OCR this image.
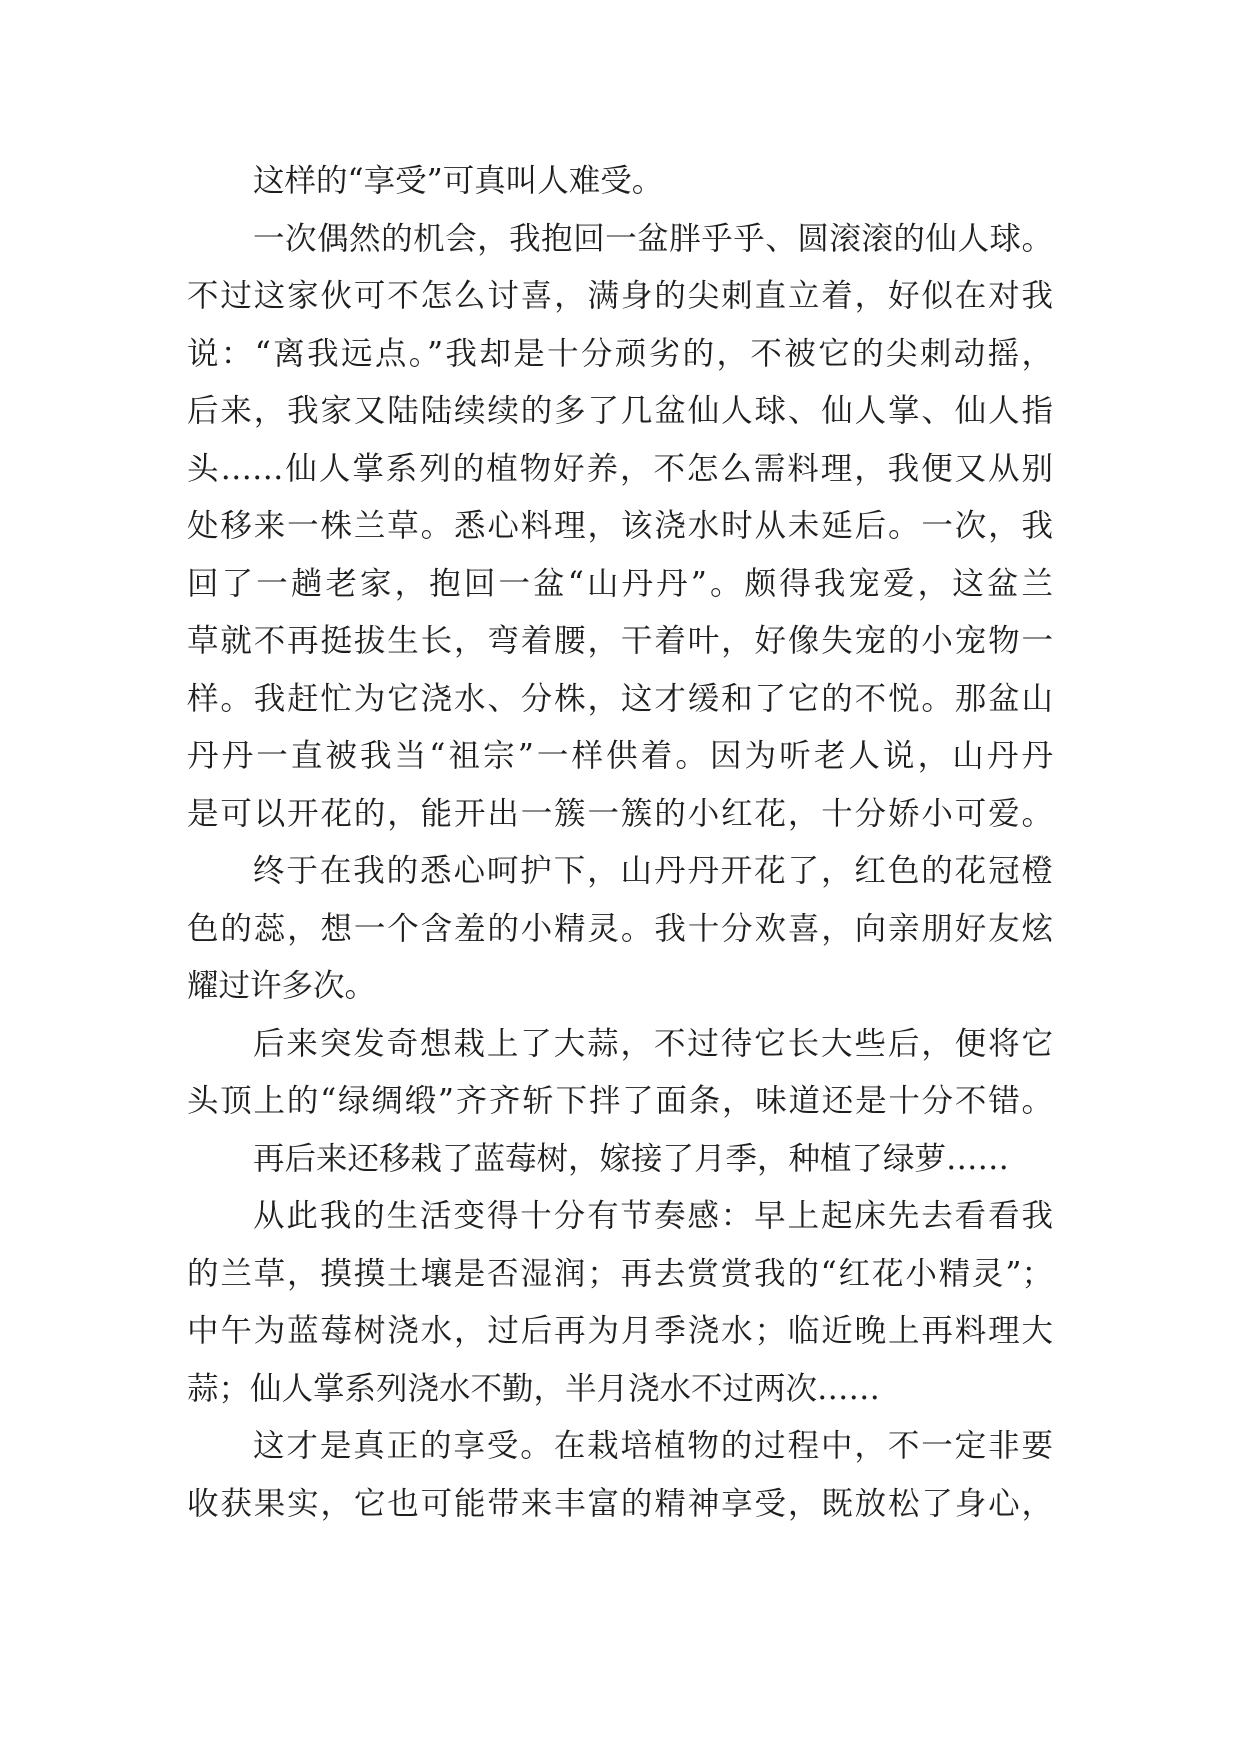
这样的“享受”可真叫人难受。
一次偶然的机会，我抱回一盆胖乎乎、圆滚滚的仙人球。
不过这家伙可不怎么讨喜，满身的尖刺直立着，好似在对我
说：“离我远点。”我却是十分顽劣的，不被它的尖刺动摇，
后来，我家又陆陆续续的多了几盆仙人球、仙人掌、仙人指
头……仙人掌系列的植物好养，不怎么需料理，我便又从别
处移来一株兰草。悉心料理，该浇水时从未延后。一次，我
回了一趟老家，抱回一盆“山丹丹”。颇得我宠爱，这盆兰
草就不再挺拔生长，弯着腰，干着叶，好像失宠的小宠物一
样。我赶忙为它浇水、分株，这才缓和了它的不悦。那盆山
丹丹一直被我当“祖宗”一样供着。因为听老人说，山丹丹
是可以开花的，能开出一簇一簇的小红花，十分娇小可爱。
终于在我的悉心呵护下，山丹丹开花了，红色的花冠橙
色的蕊，想一个含羞的小精灵。我十分欢喜，向亲朋好友炫
耀过许多次。
后来突发奇想栽上了大蒜，不过待它长大些后，便将它
头顶上的“绿绸缎”齐齐斩下拌了面条，味道还是十分不错。
再后来还移栽了蓝莓树，嫁接了月季，种植了绿萝……
从此我的生活变得十分有节奏感：早上起床先去看看我
的兰草，摸摸土壤是否湿润；再去赏赏我的“红花小精灵”；
中午为蓝莓树浇水，过后再为月季浇水；临近晚上再料理大
蒜；仙人掌系列浇水不勤，半月浇水不过两次……
这才是真正的享受。在栽培植物的过程中，不一定非要
收获果实，它也可能带来丰富的精神享受，既放松了身心，
